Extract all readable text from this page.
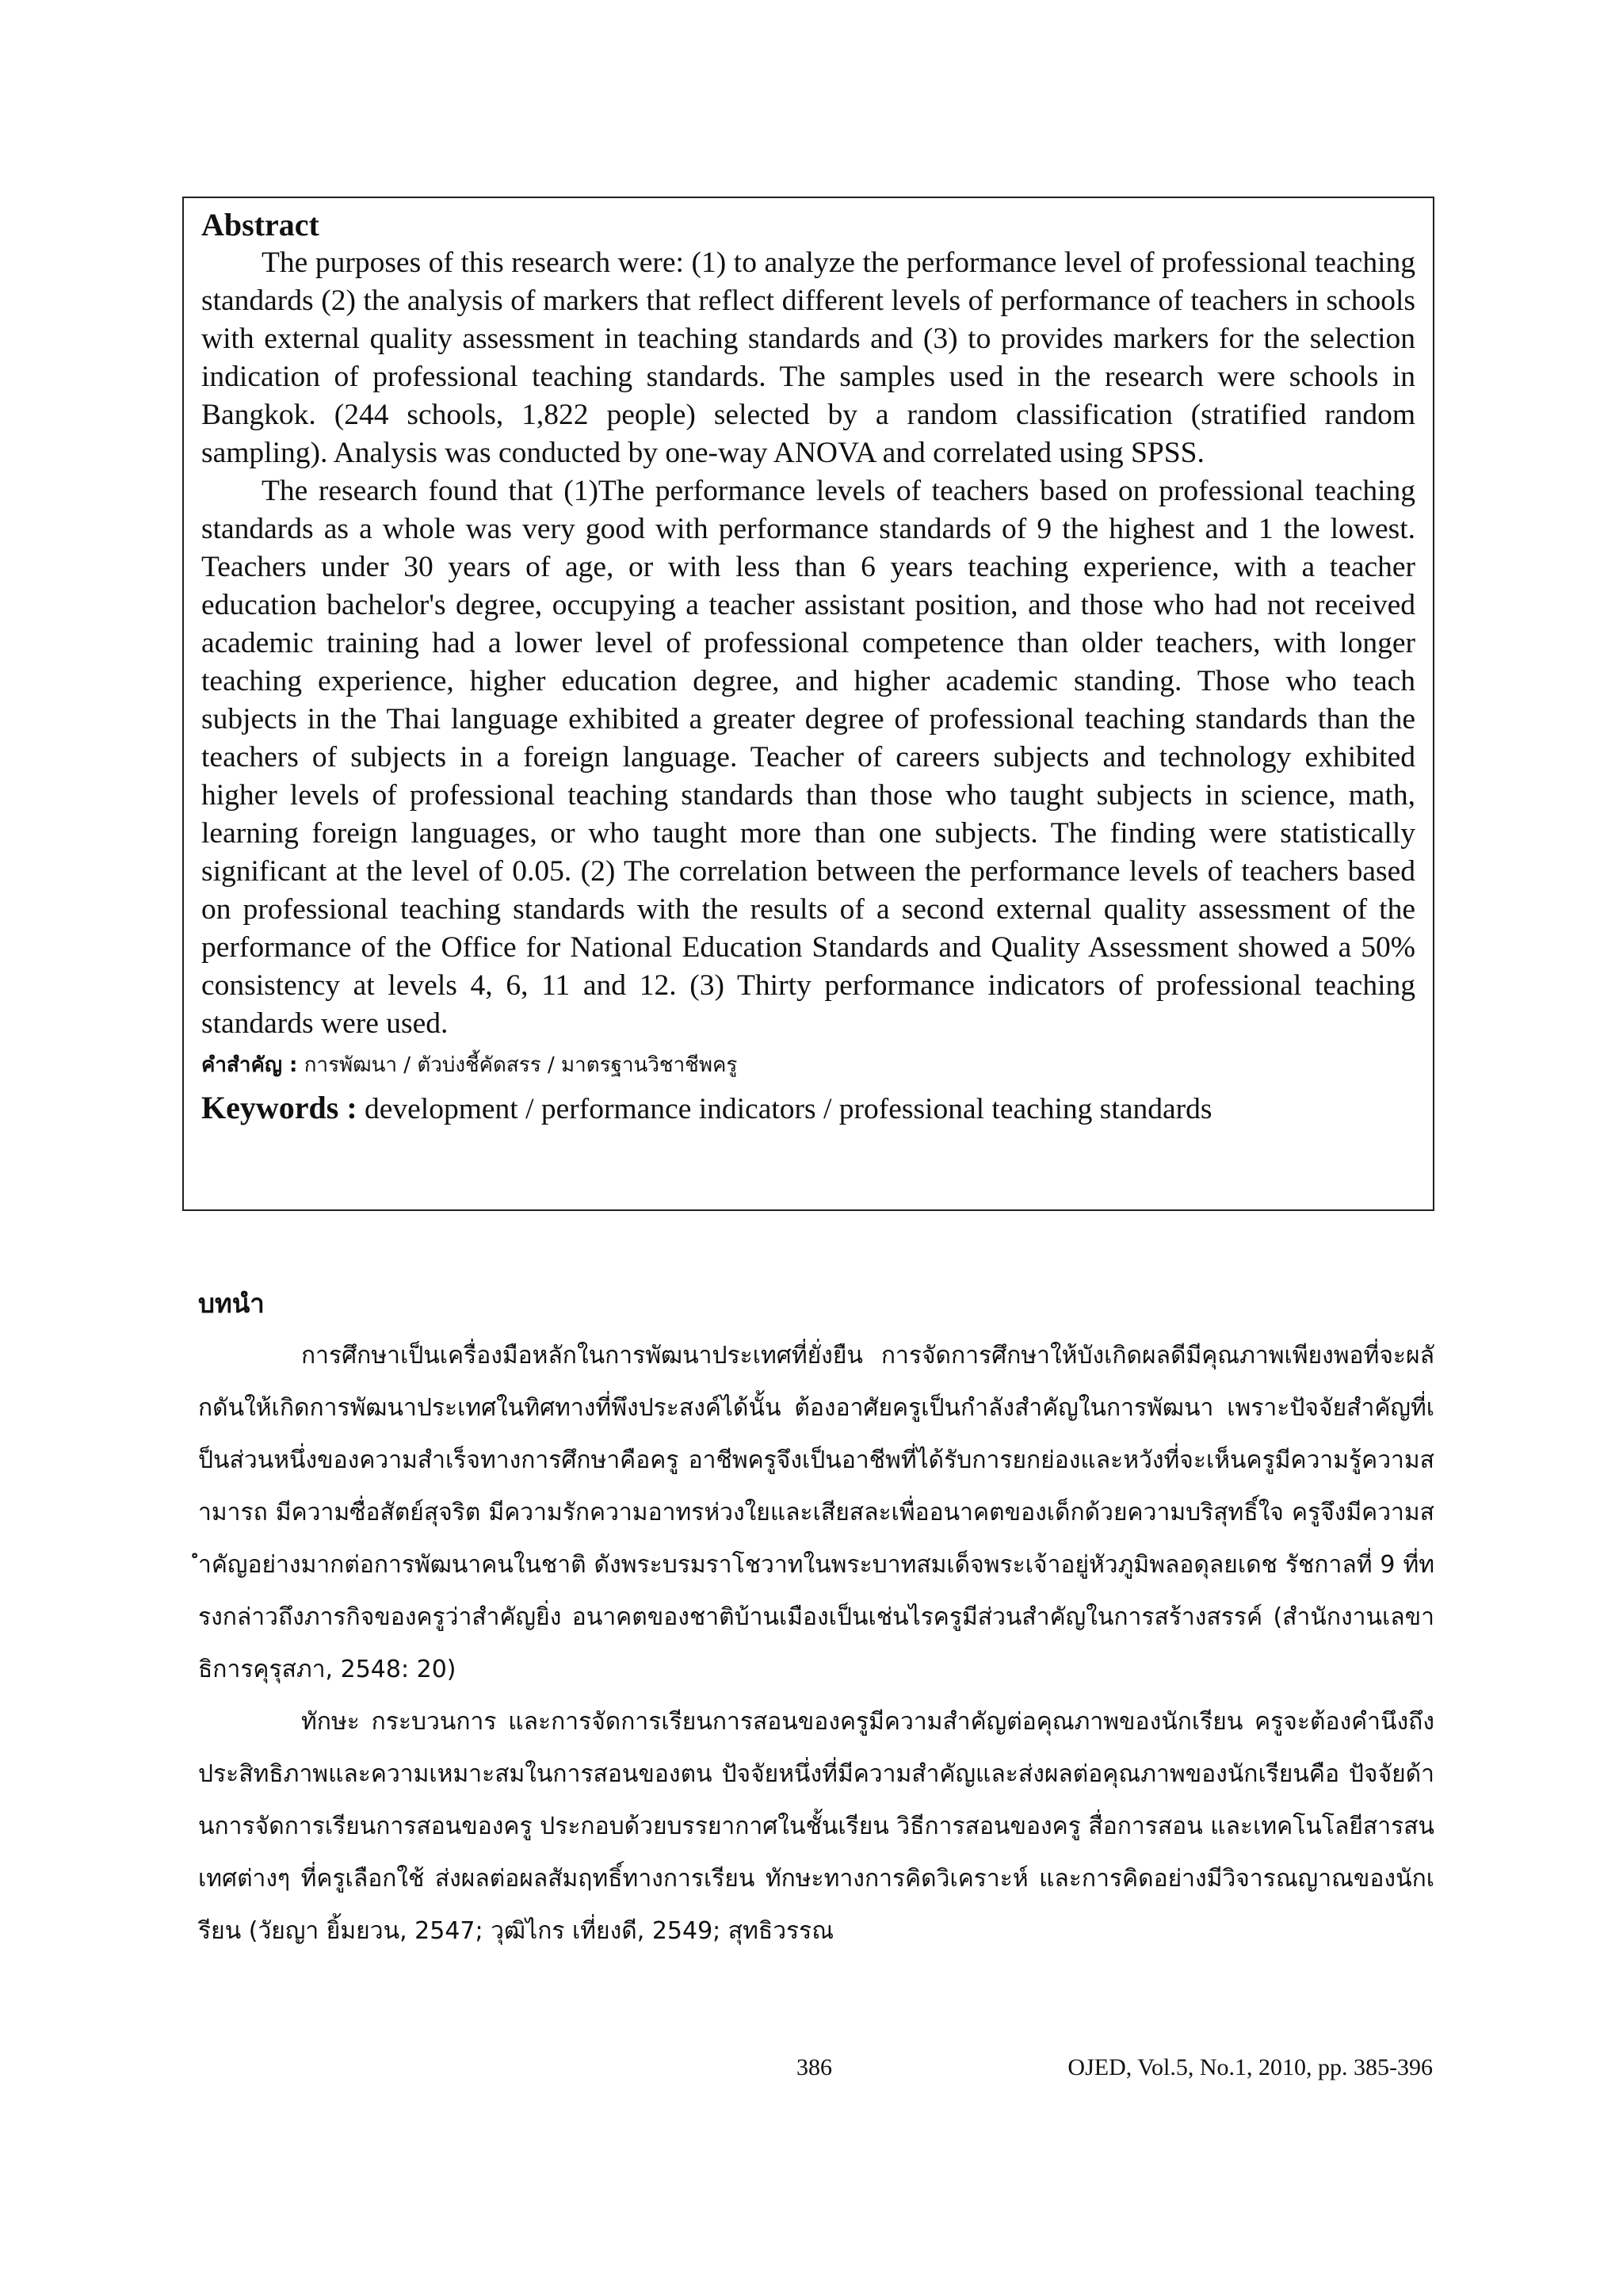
Abstract

The purposes of this research were: (1) to analyze the performance level of professional teaching standards (2) the analysis of markers that reflect different levels of performance of teachers in schools with external quality assessment in teaching standards and (3) to provides markers for the selection indication of professional teaching standards. The samples used in the research were schools in Bangkok. (244 schools, 1,822 people) selected by a random classification (stratified random sampling). Analysis was conducted by one-way ANOVA and correlated using SPSS.

The research found that (1)The performance levels of teachers based on professional teaching standards as a whole was very good with performance standards of 9 the highest and 1 the lowest. Teachers under 30 years of age, or with less than 6 years teaching experience, with a teacher education bachelor's degree, occupying a teacher assistant position, and those who had not received academic training had a lower level of professional competence than older teachers, with longer teaching experience, higher education degree, and higher academic standing. Those who teach subjects in the Thai language exhibited a greater degree of professional teaching standards than the teachers of subjects in a foreign language. Teacher of careers subjects and technology exhibited higher levels of professional teaching standards than those who taught subjects in science, math, learning foreign languages, or who taught more than one subjects. The finding were statistically significant at the level of 0.05. (2) The correlation between the performance levels of teachers based on professional teaching standards with the results of a second external quality assessment of the performance of the Office for National Education Standards and Quality Assessment showed a 50% consistency at levels 4, 6, 11 and 12. (3) Thirty performance indicators of professional teaching standards were used.

คำสำคัญ : การพัฒนา / ตัวบ่งชี้คัดสรร / มาตรฐานวิชาชีพครู

Keywords : development / performance indicators / professional teaching standards

บทนำ

การศึกษาเป็นเครื่องมือหลักในการพัฒนาประเทศที่ยั่งยืน การจัดการศึกษาให้บังเกิดผลดีมีคุณภาพเพียงพอที่จะผลักดันให้เกิดการพัฒนาประเทศในทิศทางที่พึงประสงค์ได้นั้น ต้องอาศัยครูเป็นกำลังสำคัญในการพัฒนา เพราะปัจจัยสำคัญที่เป็นส่วนหนึ่งของความสำเร็จทางการศึกษาคือครู อาชีพครูจึงเป็นอาชีพที่ได้รับการยกย่องและหวังที่จะเห็นครูมีความรู้ความสามารถ มีความซื่อสัตย์สุจริต มีความรักความอาทรห่วงใยและเสียสละเพื่ออนาคตของเด็กด้วยความบริสุทธิ์ใจ ครูจึงมีความสำคัญอย่างมากต่อการพัฒนาคนในชาติ ดังพระบรมราโชวาทในพระบาทสมเด็จพระเจ้าอยู่หัวภูมิพลอดุลยเดช รัชกาลที่ 9 ที่ทรงกล่าวถึงภารกิจของครูว่าสำคัญยิ่ง อนาคตของชาติบ้านเมืองเป็นเช่นไรครูมีส่วนสำคัญในการสร้างสรรค์ (สำนักงานเลขาธิการคุรุสภา, 2548: 20)

ทักษะ กระบวนการ และการจัดการเรียนการสอนของครูมีความสำคัญต่อคุณภาพของนักเรียน ครูจะต้องคำนึงถึงประสิทธิภาพและความเหมาะสมในการสอนของตน ปัจจัยหนึ่งที่มีความสำคัญและส่งผลต่อคุณภาพของนักเรียนคือ ปัจจัยด้านการจัดการเรียนการสอนของครู ประกอบด้วยบรรยากาศในชั้นเรียน วิธีการสอนของครู สื่อการสอน และเทคโนโลยีสารสนเทศต่างๆ ที่ครูเลือกใช้ ส่งผลต่อผลสัมฤทธิ์ทางการเรียน ทักษะทางการคิดวิเคราะห์ และการคิดอย่างมีวิจารณญาณของนักเรียน (วัยญา ยิ้มยวน, 2547; วุฒิไกร เที่ยงดี, 2549; สุทธิวรรณ

386	OJED, Vol.5, No.1, 2010, pp. 385-396
